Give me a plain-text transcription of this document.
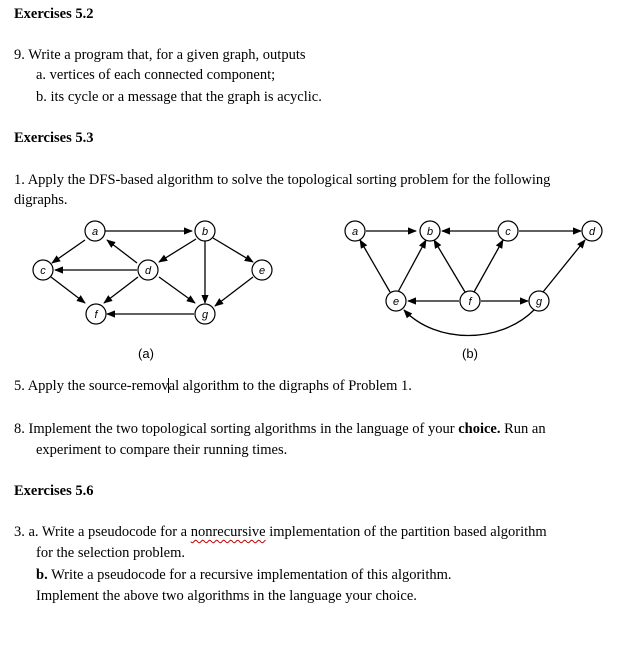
Exercises 5.2
9. Write a program that, for a given graph, outputs
a. vertices of each connected component;
b. its cycle or a message that the graph is acyclic.
Exercises 5.3
1. Apply the DFS-based algorithm to solve the topological sorting problem for the following
digraphs.
a	b
c	d	e
f	g
(a)
a	b	c	d
e	f	g
(b)
5. Apply the source-removal algorithm to the digraphs of Problem 1.
8. Implement the two topological sorting algorithms in the language of your choice. Run an
experiment to compare their running times.
Exercises 5.6
3. a. Write a pseudocode for a nonrecursive implementation of the partition based algorithm
for the selection problem.
b. Write a pseudocode for a recursive implementation of this algorithm.
Implement the above two algorithms in the language your choice.
